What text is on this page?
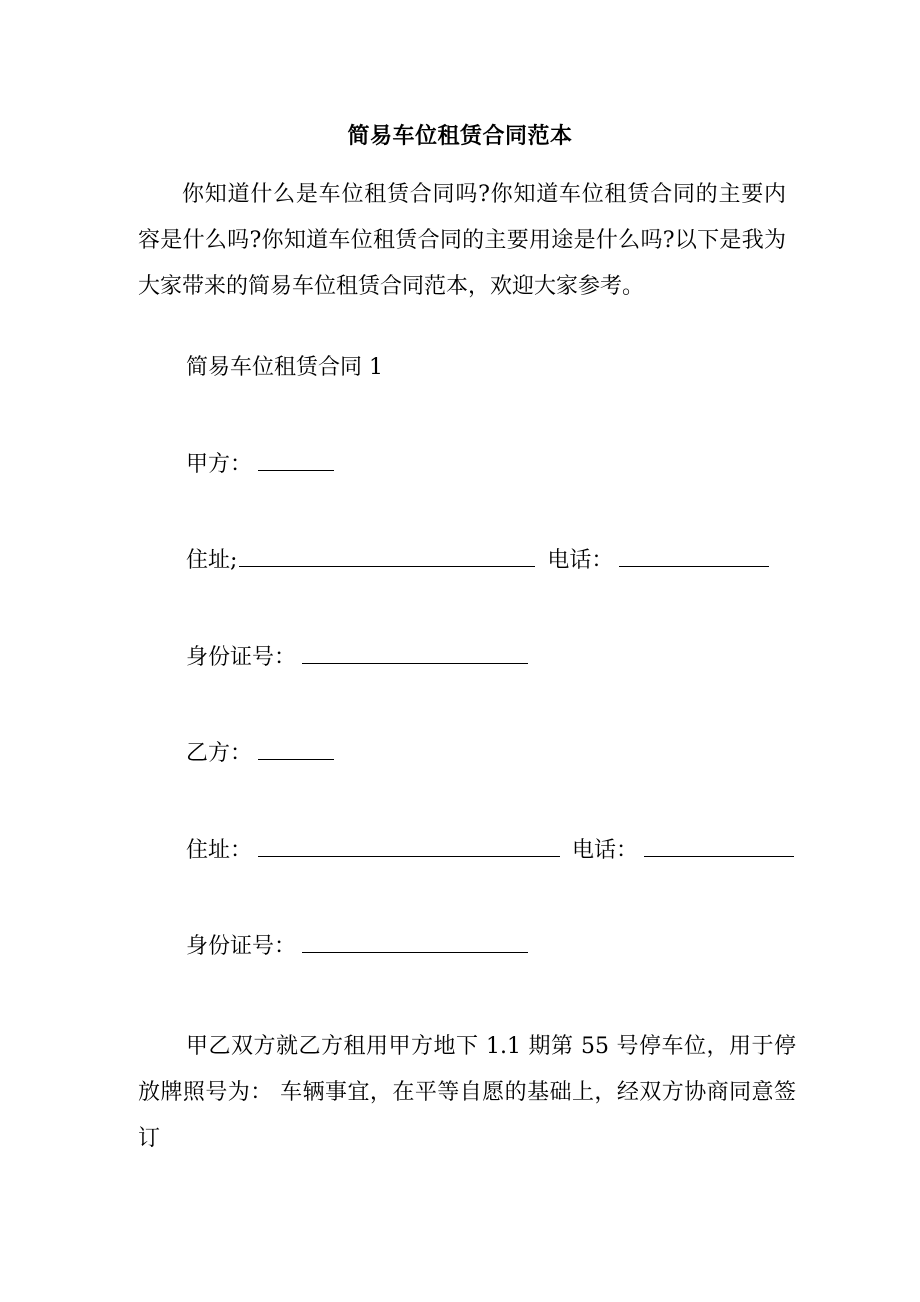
简易车位租赁合同范本

你知道什么是车位租赁合同吗?你知道车位租赁合同的主要内容是什么吗?你知道车位租赁合同的主要用途是什么吗?以下是我为大家带来的简易车位租赁合同范本，欢迎大家参考。

简易车位租赁合同 1
甲方：
住址;	电话：
身份证号：
乙方：
住址：	电话：
身份证号：

甲乙双方就乙方租用甲方地下 1.1 期第 55 号停车位，用于停放牌照号为： 车辆事宜，在平等自愿的基础上，经双方协商同意签订
